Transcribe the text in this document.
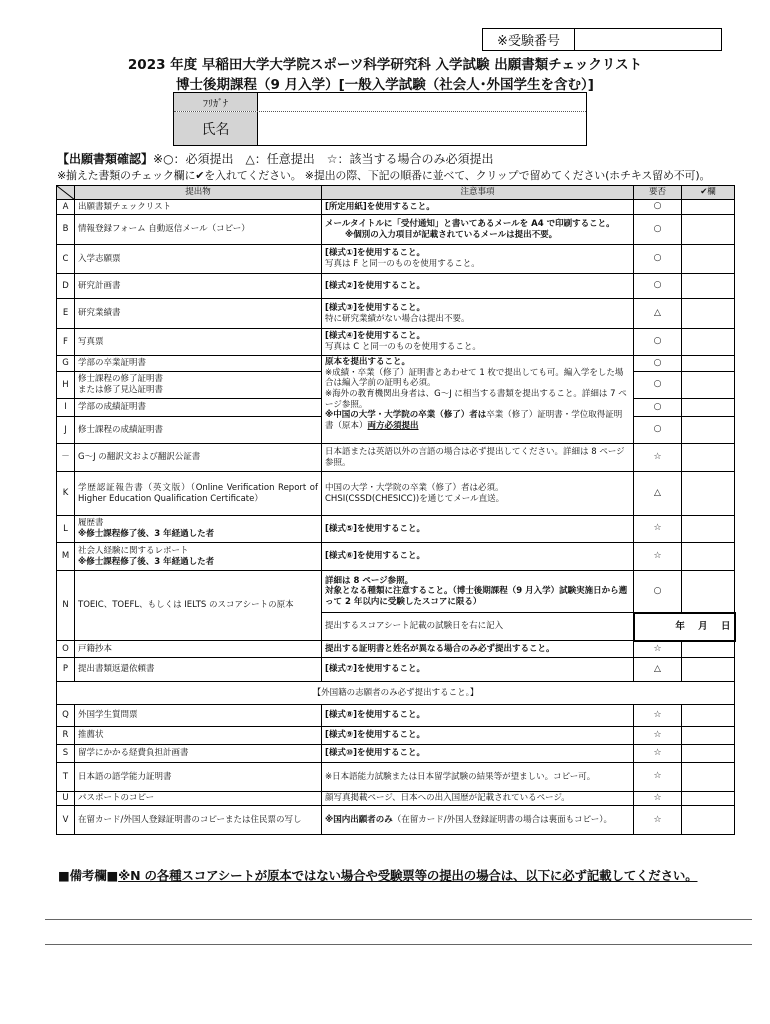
※受験番号
2023 年度 早稲田大学大学院スポーツ科学研究科 入学試験 出願書類チェックリスト
博士後期課程（9 月入学）[一般入学試験（社会人･外国学生を含む）]
ﾌﾘｶﾞﾅ
氏名
【出願書類確認】※○：必須提出　△：任意提出　☆：該当する場合のみ必須提出
※揃えた書類のチェック欄に✔を入れてください。 ※提出の際、下記の順番に並べて、クリップで留めてください(ホチキス留め不可)。
	提出物	注意事項	要否	✔欄
A	出願書類チェックリスト	[所定用紙]を使用すること。	○	
B	情報登録フォーム 自動返信メール（コピー）	メールタイトルに「受付通知」と書いてあるメールを A4 で印刷すること。
※個別の入力項目が記載されているメールは提出不要。	○	
C	入学志願票	[様式①]を使用すること。
写真は F と同一のものを使用すること。	○	
D	研究計画書	[様式②]を使用すること。	○	
E	研究業績書	[様式③]を使用すること。
特に研究業績がない場合は提出不要。	△	
F	写真票	[様式④]を使用すること。
写真は C と同一のものを使用すること。	○	
G	学部の卒業証明書	原本を提出すること。
※成績・卒業（修了）証明書とあわせて 1 枚で提出しても可。編入学をした場合は編入学前の証明も必須。
※海外の教育機関出身者は、G～J に相当する書類を提出すること。詳細は 7 ページ参照。
※中国の大学・大学院の卒業（修了）者は卒業（修了）証明書・学位取得証明書（原本）両方必須提出	○	
H	修士課程の修了証明書
または修了見込証明書		○	
I	学部の成績証明書		○	
J	修士課程の成績証明書		○	
－	G～J の翻訳文および翻訳公証書	日本語または英語以外の言語の場合は必ず提出してください。詳細は 8 ページ参照。	☆	
K	学歴認証報告書（英文版）（Online Verification Report of Higher Education Qualification Certificate）	中国の大学・大学院の卒業（修了）者は必須。
CHSI(CSSD(CHESICC))を通じてメール直送。	△	
L	履歴書
※修士課程修了後、3 年経過した者	[様式⑤]を使用すること。	☆	
M	社会人経験に関するレポート
※修士課程修了後、3 年経過した者	[様式⑥]を使用すること。	☆	
N	TOEIC、TOEFL、もしくは IELTS のスコアシートの原本	詳細は 8 ページ参照。
対象となる種類に注意すること。（博士後期課程（9 月入学）試験実施日から遡って 2 年以内に受験したスコアに限る）	○	
		提出するスコアシート記載の試験日を右に記入	年 月 日	
O	戸籍抄本	提出する証明書と姓名が異なる場合のみ必ず提出すること。	☆	
P	提出書類返還依頼書	[様式⑦]を使用すること。	△	
【外国籍の志願者のみ必ず提出すること。】				
Q	外国学生質問票	[様式⑧]を使用すること。	☆	
R	推薦状	[様式⑨]を使用すること。	☆	
S	留学にかかる経費負担計画書	[様式⑩]を使用すること。	☆	
T	日本語の語学能力証明書	※日本語能力試験または日本留学試験の結果等が望ましい。コピー可。	☆	
U	パスポートのコピー	顔写真掲載ページ、日本への出入国歴が記載されているページ。	☆	
V	在留カード/外国人登録証明書のコピーまたは住民票の写し	※国内出願者のみ（在留カード/外国人登録証明書の場合は裏面もコピー）。	☆	
■備考欄■※N の各種スコアシートが原本ではない場合や受験票等の提出の場合は、以下に必ず記載してください。
